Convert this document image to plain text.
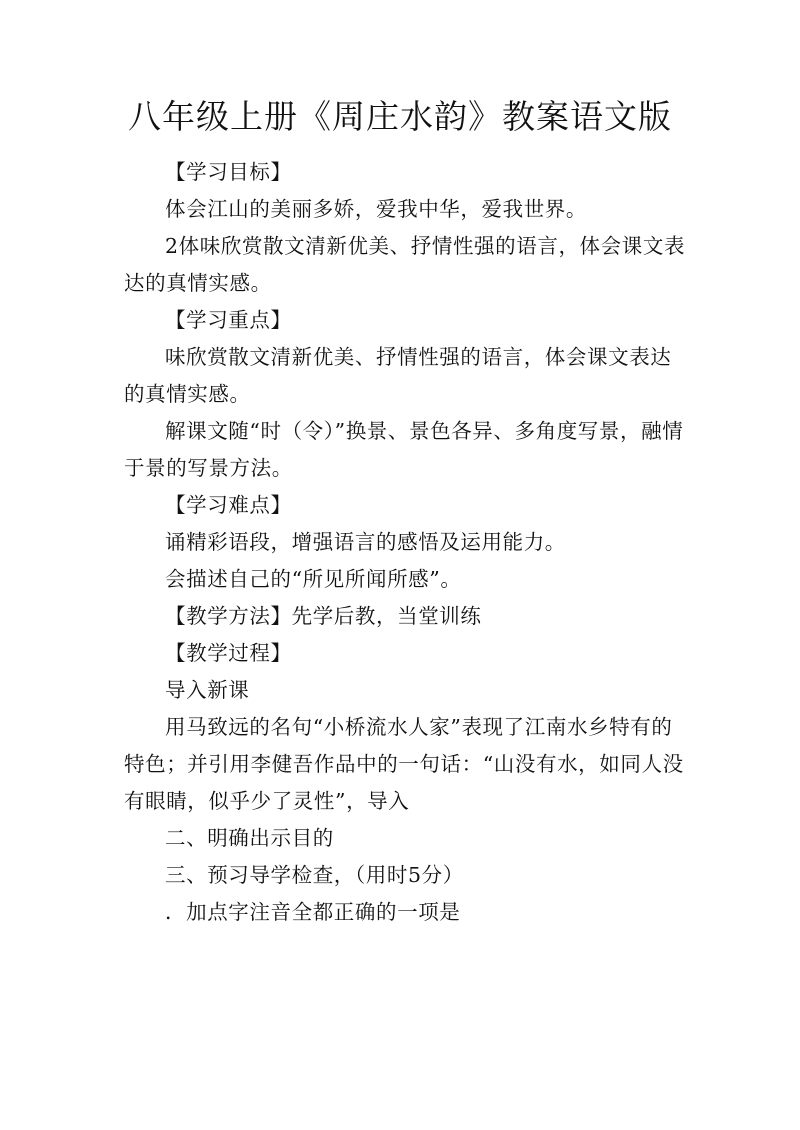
八年级上册《周庄水韵》教案语文版

【学习目标】

体会江山的美丽多娇，爱我中华，爱我世界。

2体味欣赏散文清新优美、抒情性强的语言，体会课文表达的真情实感。

【学习重点】

味欣赏散文清新优美、抒情性强的语言，体会课文表达的真情实感。

解课文随“时（令）”换景、景色各异、多角度写景，融情于景的写景方法。

【学习难点】

诵精彩语段，增强语言的感悟及运用能力。

会描述自己的“所见所闻所感”。

【教学方法】先学后教，当堂训练

【教学过程】

导入新课

用马致远的名句“小桥流水人家”表现了江南水乡特有的特色；并引用李健吾作品中的一句话：“山没有水，如同人没有眼睛，似乎少了灵性”，导入

二、明确出示目的

三、预习导学检查，（用时5分）

．加点字注音全都正确的一项是
